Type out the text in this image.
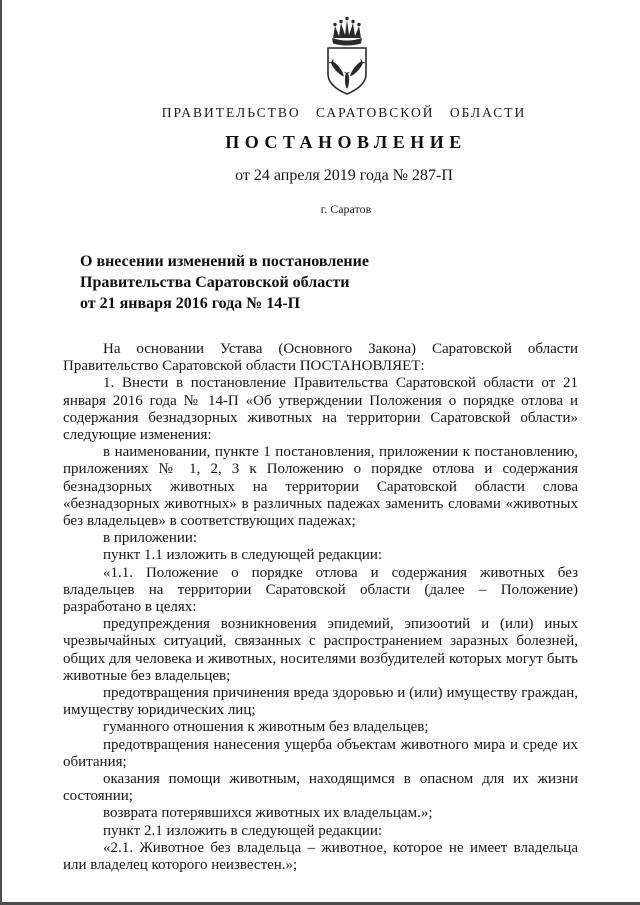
ПРАВИТЕЛЬСТВО САРАТОВСКОЙ ОБЛАСТИ
ПОСТАНОВЛЕНИЕ
от 24 апреля 2019 года № 287-П
г. Саратов
О внесении изменений в постановление
Правительства Саратовской области
от 21 января 2016 года № 14-П

На основании Устава (Основного Закона) Саратовской области Правительство Саратовской области ПОСТАНОВЛЯЕТ:

1. Внести в постановление Правительства Саратовской области от 21 января 2016 года № 14-П «Об утверждении Положения о порядке отлова и содержания безнадзорных животных на территории Саратовской области» следующие изменения:

в наименовании, пункте 1 постановления, приложении к постановлению, приложениях № 1, 2, 3 к Положению о порядке отлова и содержания безнадзорных животных на территории Саратовской области слова «безнадзорных животных» в различных падежах заменить словами «животных без владельцев» в соответствующих падежах;

в приложении:

пункт 1.1 изложить в следующей редакции:

«1.1. Положение о порядке отлова и содержания животных без владельцев на территории Саратовской области (далее – Положение) разработано в целях:

предупреждения возникновения эпидемий, эпизоотий и (или) иных чрезвычайных ситуаций, связанных с распространением заразных болезней, общих для человека и животных, носителями возбудителей которых могут быть животные без владельцев;

предотвращения причинения вреда здоровью и (или) имуществу граждан, имуществу юридических лиц;

гуманного отношения к животным без владельцев;

предотвращения нанесения ущерба объектам животного мира и среде их обитания;

оказания помощи животным, находящимся в опасном для их жизни состоянии;

возврата потерявшихся животных их владельцам.»;

пункт 2.1 изложить в следующей редакции:

«2.1. Животное без владельца – животное, которое не имеет владельца или владелец которого неизвестен.»;
